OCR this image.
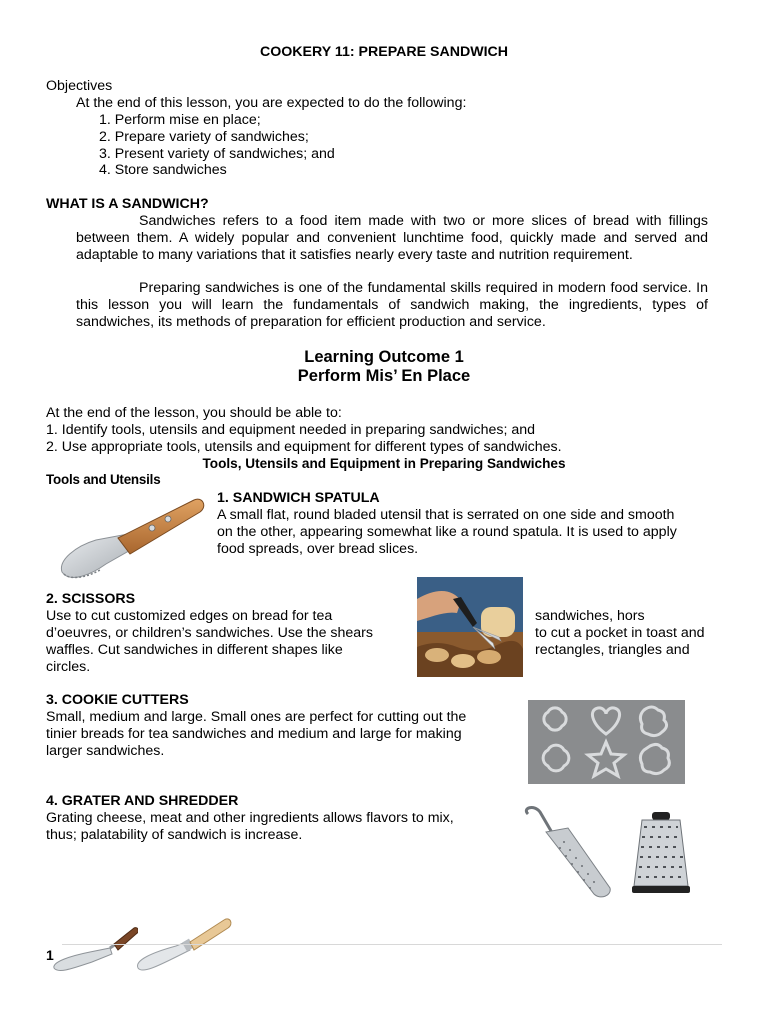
COOKERY 11: PREPARE SANDWICH
Objectives
At the end of this lesson, you are expected to do the following:
1. Perform mise en place;
2. Prepare variety of sandwiches;
3. Present variety of sandwiches; and
4. Store sandwiches
WHAT IS A SANDWICH?
Sandwiches refers to a food item made with two or more slices of bread with fillings between them. A widely popular and convenient lunchtime food, quickly made and served and adaptable to many variations that it satisfies nearly every taste and nutrition requirement.
Preparing sandwiches is one of the fundamental skills required in modern food service. In this lesson you will learn the fundamentals of sandwich making, the ingredients, types of sandwiches, its methods of preparation for efficient production and service.
Learning Outcome 1
Perform Mis’ En Place
At the end of the lesson, you should be able to:
1. Identify tools, utensils and equipment needed in preparing sandwiches; and
2. Use appropriate tools, utensils and equipment for different types of sandwiches.
Tools, Utensils and Equipment in Preparing Sandwiches
Tools and Utensils
1. SANDWICH SPATULA
A small flat, round bladed utensil that is serrated on one side and smooth
on the other, appearing somewhat like a round spatula. It is used to apply
food spreads, over bread slices.
2. SCISSORS
Use to cut customized edges on bread for tea
d’oeuvres, or children’s sandwiches. Use the shears
waffles. Cut sandwiches in different shapes like
circles.
sandwiches, hors
to cut a pocket in toast and
rectangles, triangles and
3. COOKIE CUTTERS
Small, medium and large. Small ones are perfect for cutting out the
tinier breads for tea sandwiches and medium and large for making
larger sandwiches.
4. GRATER AND SHREDDER
Grating cheese, meat and other ingredients allows flavors to mix,
thus; palatability of sandwich is increase.
1
